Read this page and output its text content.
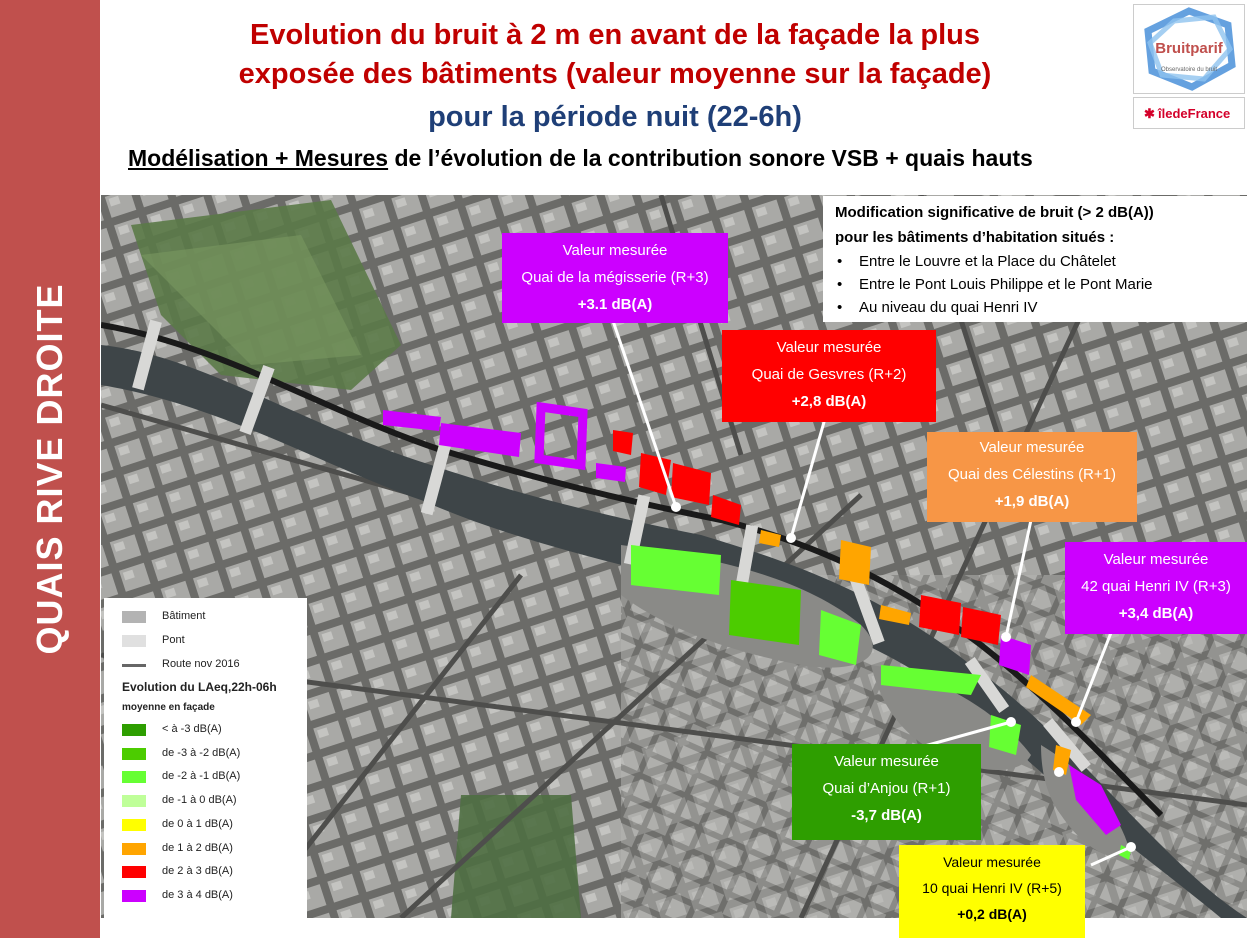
QUAIS RIVE DROITE
Evolution du bruit à 2 m en avant de la façade la plus
exposée des bâtiments (valeur moyenne sur la façade)
pour la période nuit (22-6h)
Modélisation + Mesures de l’évolution de la contribution sonore VSB + quais hauts
Bruitparif
Observatoire du bruit
✱ îledeFrance
Bâtiment
Pont
Route nov 2016
Evolution du LAeq,22h-06h
moyenne en façade
< à -3 dB(A)
de -3 à -2 dB(A)
de -2 à -1 dB(A)
de -1 à 0 dB(A)
de 0 à 1 dB(A)
de 1 à 2 dB(A)
de 2 à 3 dB(A)
de 3 à 4 dB(A)
Modification significative de bruit (> 2 dB(A))
pour les bâtiments d’habitation situés :
• Entre le Louvre et la Place du Châtelet
• Entre le Pont Louis Philippe et le Pont Marie
• Au niveau du quai Henri IV
Valeur mesurée
Quai de la mégisserie (R+3)
+3.1 dB(A)
Valeur mesurée
Quai de Gesvres (R+2)
+2,8 dB(A)
Valeur mesurée
Quai des Célestins (R+1)
+1,9 dB(A)
Valeur mesurée
42 quai Henri IV (R+3)
+3,4 dB(A)
Valeur mesurée
Quai d’Anjou (R+1)
-3,7 dB(A)
Valeur mesurée
10 quai Henri IV (R+5)
+0,2 dB(A)
